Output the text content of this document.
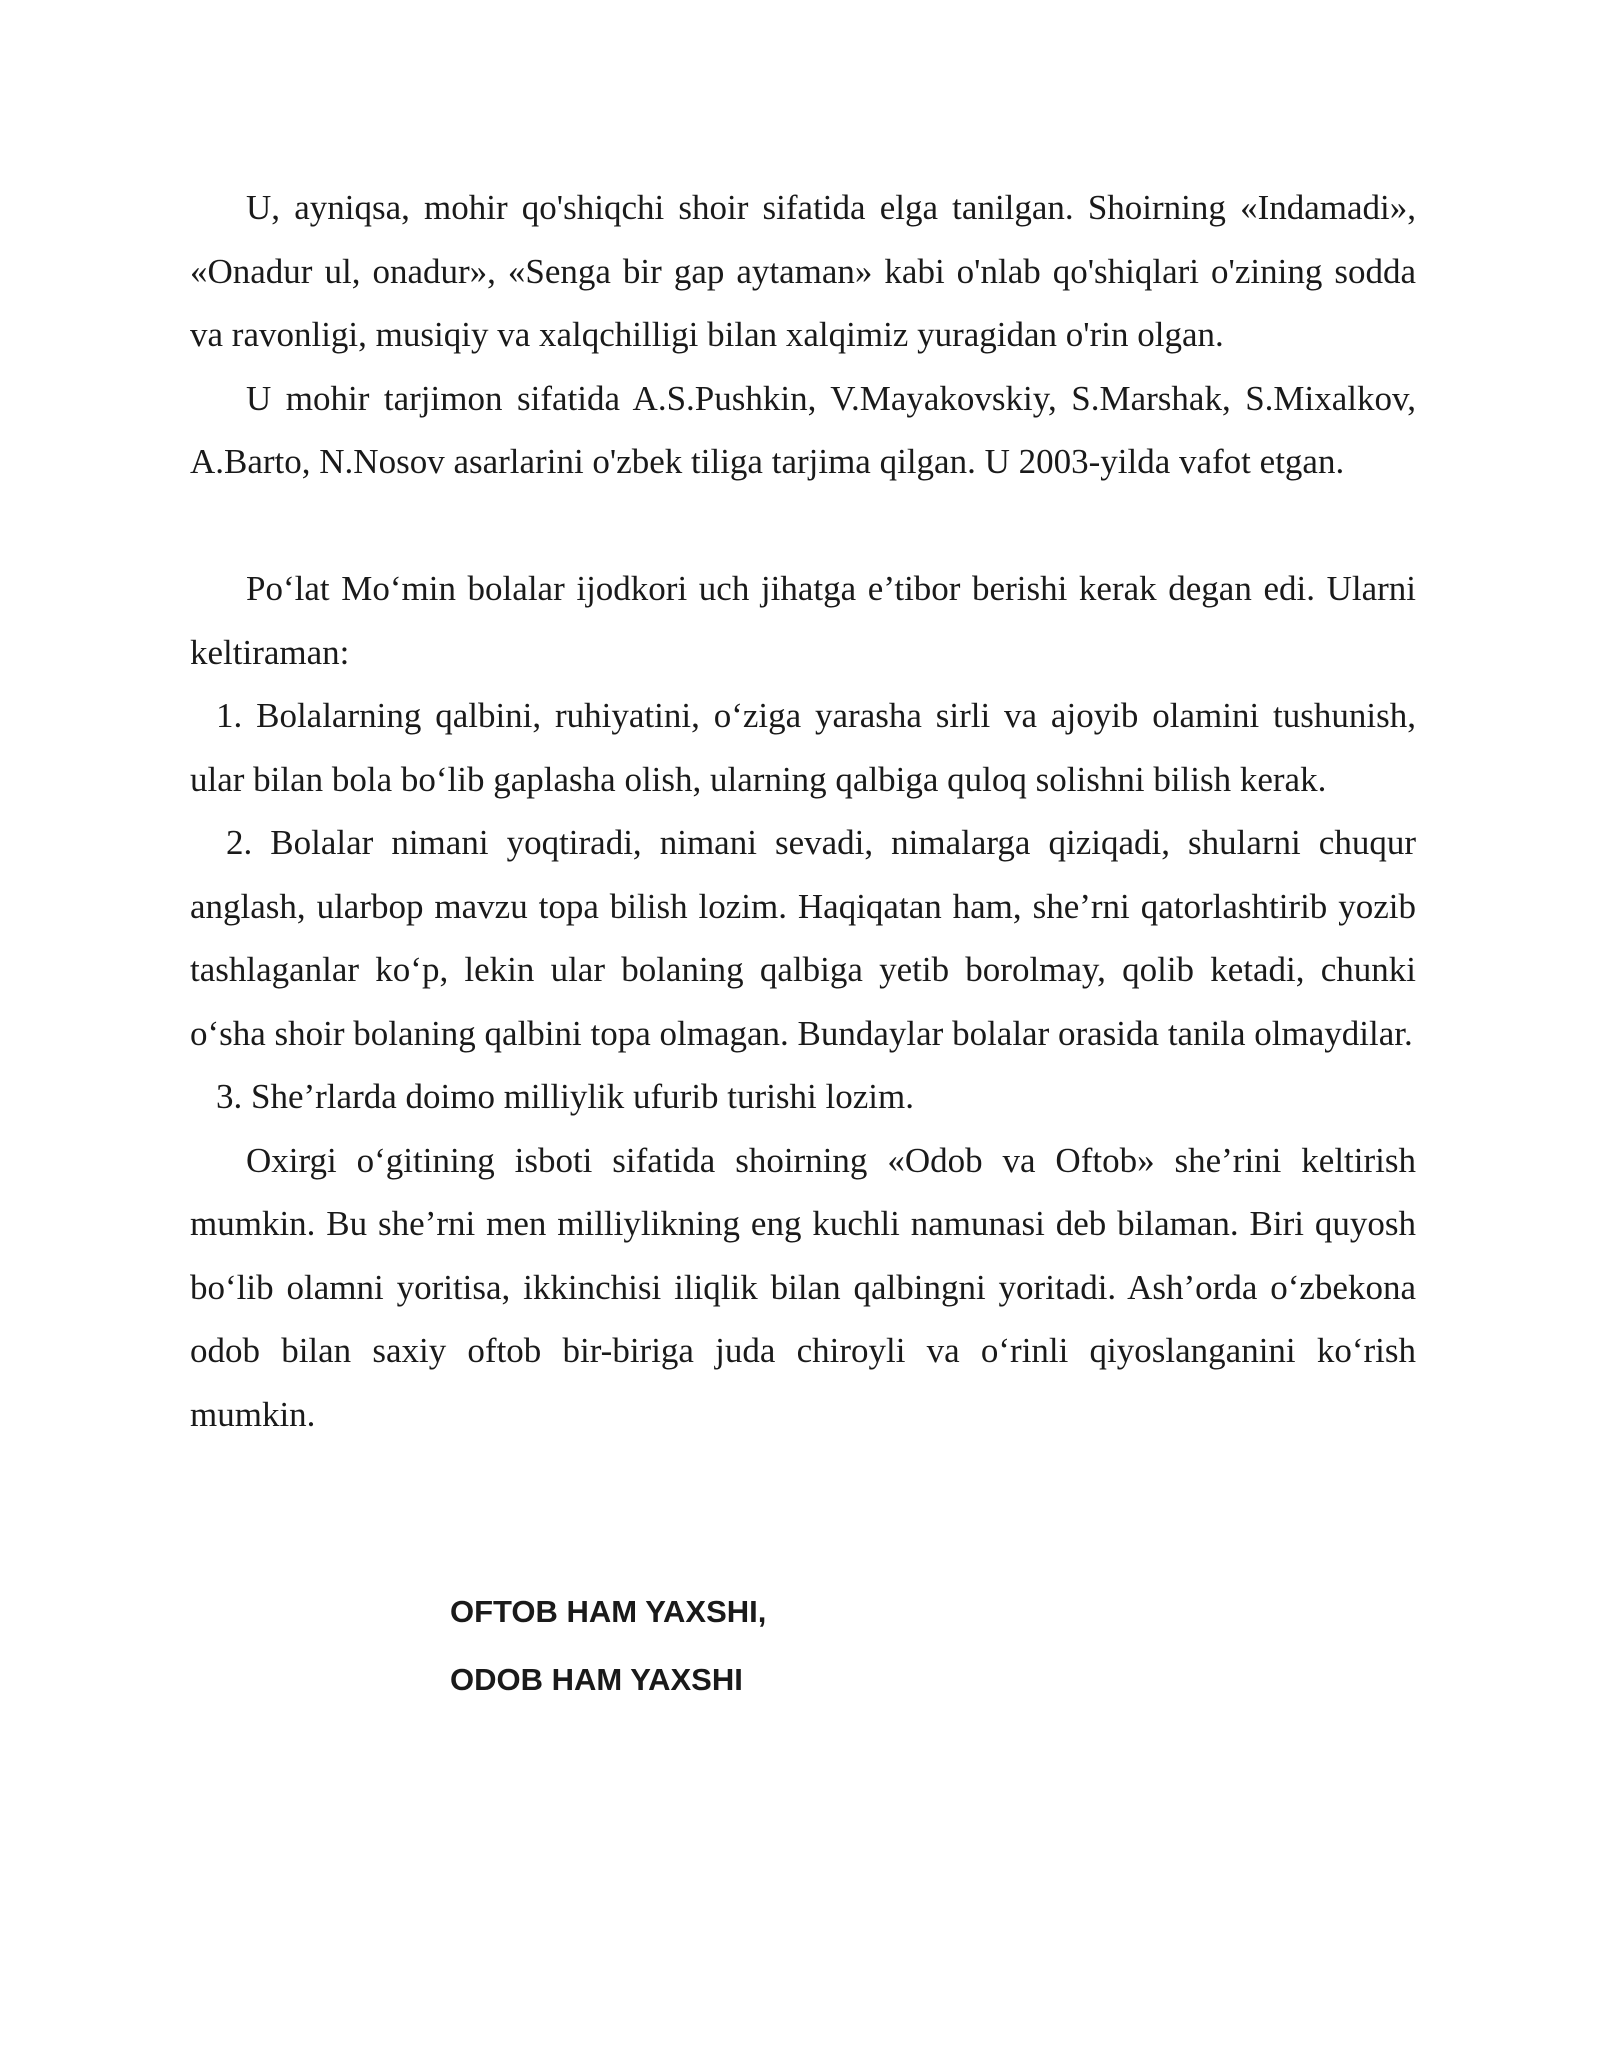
U, ayniqsa, mohir qo'shiqchi shoir sifatida elga tanilgan. Shoirning «Indamadi», «Onadur ul, onadur», «Senga bir gap aytaman» kabi o'nlab qo'shiqlari o'zining sodda va ravonligi, musiqiy va xalqchilligi bilan xalqimiz yuragidan o'rin olgan.

U mohir tarjimon sifatida A.S.Pushkin, V.Mayakovskiy, S.Marshak, S.Mixalkov, A.Barto, N.Nosov asarlarini o'zbek tiliga tarjima qilgan. U 2003-yilda vafot etgan.

Po‘lat Mo‘min bolalar ijodkori uch jihatga e’tibor berishi kerak degan edi. Ularni keltiraman:

1. Bolalarning qalbini, ruhiyatini, o‘ziga yarasha sirli va ajoyib olamini tushunish, ular bilan bola bo‘lib gaplasha olish, ularning qalbiga quloq solishni bilish kerak.

2. Bolalar nimani yoqtiradi, nimani sevadi, nimalarga qiziqadi, shularni chuqur anglash, ularbop mavzu topa bilish lozim. Haqiqatan ham, she’rni qatorlashtirib yozib tashlaganlar ko‘p, lekin ular bolaning qalbiga yetib borolmay, qolib ketadi, chunki o‘sha shoir bolaning qalbini topa olmagan. Bundaylar bolalar orasida tanila olmaydilar.

3. She’rlarda doimo milliylik ufurib turishi lozim.

Oxirgi o‘gitining isboti sifatida shoirning «Odob va Oftob» she’rini keltirish mumkin. Bu she’rni men milliylikning eng kuchli namunasi deb bilaman. Biri quyosh bo‘lib olamni yoritisa, ikkinchisi iliqlik bilan qalbingni yoritadi. Ash’orda o‘zbekona odob bilan saxiy oftob bir-biriga juda chiroyli va o‘rinli qiyoslanganini ko‘rish mumkin.

OFTOB HAM YAXSHI,
ODOB HAM YAXSHI
